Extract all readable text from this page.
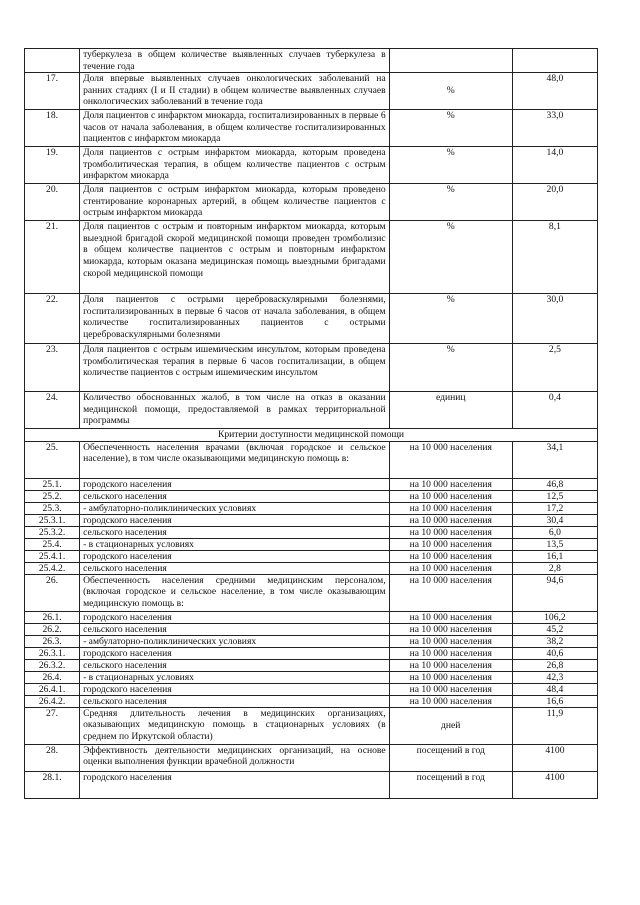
	туберкулеза в общем количестве выявленных случаев туберкулеза в течение года		
17.	Доля впервые выявленных случаев онкологических заболеваний на ранних стадиях (I и II стадии) в общем количестве выявленных случаев онкологических заболеваний в течение года	%	48,0
18.	Доля пациентов с инфарктом миокарда, госпитализированных в первые 6 часов от начала заболевания, в общем количестве госпитализированных пациентов с инфарктом миокарда	%	33,0
19.	Доля пациентов с острым инфарктом миокарда, которым проведена тромболитическая терапия, в общем количестве пациентов с острым инфарктом миокарда	%	14,0
20.	Доля пациентов с острым инфарктом миокарда, которым проведено стентирование коронарных артерий, в общем количестве пациентов с острым инфарктом миокарда	%	20,0
21.	Доля пациентов с острым и повторным инфарктом миокарда, которым выездной бригадой скорой медицинской помощи проведен тромболизис в общем количестве пациентов с острым и повторным инфарктом миокарда, которым оказана медицинская помощь выездными бригадами скорой медицинской помощи	%	8,1
22.	Доля пациентов с острыми цереброваскулярными болезнями, госпитализированных в первые 6 часов от начала заболевания, в общем количестве госпитализированных пациентов с острыми цереброваскулярными болезнями	%	30,0
23.	Доля пациентов с острым ишемическим инсультом, которым проведена тромболитическая терапия в первые 6 часов госпитализации, в общем количестве пациентов с острым ишемическим инсультом	%	2,5
24.	Количество обоснованных жалоб, в том числе на отказ в оказании медицинской помощи, предоставляемой в рамках территориальной программы	единиц	0,4
Критерии доступности медицинской помощи			
25.	Обеспеченность населения врачами (включая городское и сельское население), в том числе оказывающими медицинскую помощь в:	на 10 000 населения	34,1
25.1.	городского населения	на 10 000 населения	46,8
25.2.	сельского населения	на 10 000 населения	12,5
25.3.	- амбулаторно-поликлинических условиях	на 10 000 населения	17,2
25.3.1.	городского населения	на 10 000 населения	30,4
25.3.2.	сельского населения	на 10 000 населения	6,0
25.4.	- в стационарных условиях	на 10 000 населения	13,5
25.4.1.	городского населения	на 10 000 населения	16,1
25.4.2.	сельского населения	на 10 000 населения	2,8
26.	Обеспеченность населения средними медицинским персоналом, (включая городское и сельское население, в том числе оказывающим медицинскую помощь в:	на 10 000 населения	94,6
26.1.	городского населения	на 10 000 населения	106,2
26.2.	сельского населения	на 10 000 населения	45,2
26.3.	- амбулаторно-поликлинических условиях	на 10 000 населения	38,2
26.3.1.	городского населения	на 10 000 населения	40,6
26.3.2.	сельского населения	на 10 000 населения	26,8
26.4.	- в стационарных условиях	на 10 000 населения	42,3
26.4.1.	городского населения	на 10 000 населения	48,4
26.4.2.	сельского населения	на 10 000 населения	16,6
27.	Средняя длительность лечения в медицинских организациях, оказывающих медицинскую помощь в стационарных условиях (в среднем по Иркутской области)	дней	11,9
28.	Эффективность деятельности медицинских организаций, на основе оценки выполнения функции врачебной должности	посещений в год	4100
28.1.	городского населения	посещений в год	4100
